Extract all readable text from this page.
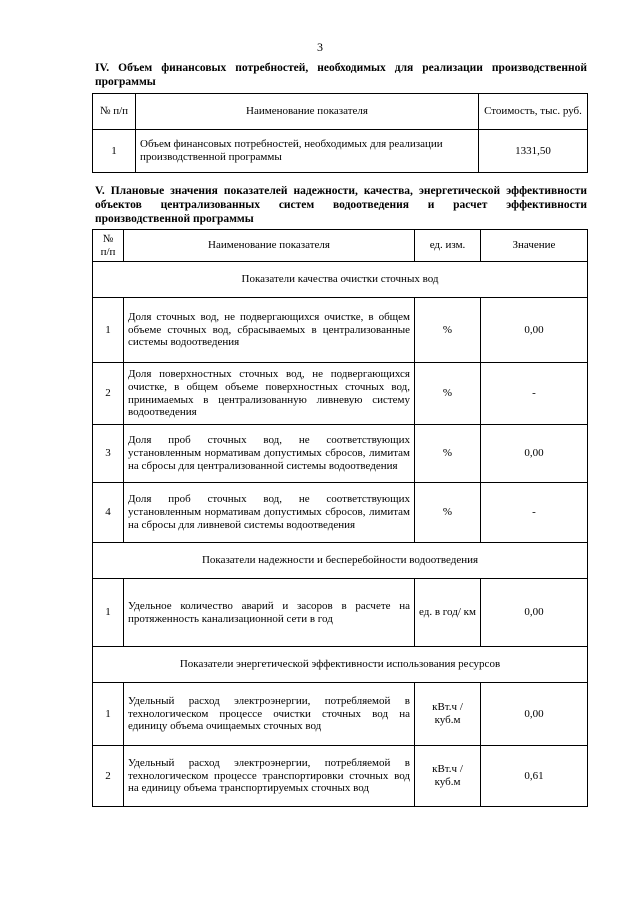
3
IV. Объем финансовых потребностей, необходимых для реализации производственной программы
№ п/п	Наименование показателя	Стоимость, тыс. руб.
1	Объем финансовых потребностей, необходимых для реализации производственной программы	1331,50
V. Плановые значения показателей надежности, качества, энергетической эффективности объектов централизованных систем водоотведения и расчет эффективности производственной программы
№ п/п	Наименование показателя	ед. изм.	Значение
Показатели качества очистки сточных вод			
1	Доля сточных вод, не подвергающихся очистке, в общем объеме сточных вод, сбрасываемых в централизованные системы водоотведения	%	0,00
2	Доля поверхностных сточных вод, не подвергающихся очистке, в общем объеме поверхностных сточных вод, принимаемых в централизованную ливневую систему водоотведения	%	-
3	Доля проб сточных вод, не соответствующих установленным нормативам допустимых сбросов, лимитам на сбросы для централизованной системы водоотведения	%	0,00
4	Доля проб сточных вод, не соответствующих установленным нормативам допустимых сбросов, лимитам на сбросы для ливневой системы водоотведения	%	-
Показатели надежности и бесперебойности водоотведения			
1	Удельное количество аварий и засоров в расчете на протяженность канализационной сети в год	ед. в год/ км	0,00
Показатели энергетической эффективности использования ресурсов			
1	Удельный расход электроэнергии, потребляемой в технологическом процессе очистки сточных вод на единицу объема очищаемых сточных вод	кВт.ч / куб.м	0,00
2	Удельный расход электроэнергии, потребляемой в технологическом процессе транспортировки сточных вод на единицу объема транспортируемых сточных вод	кВт.ч / куб.м	0,61
